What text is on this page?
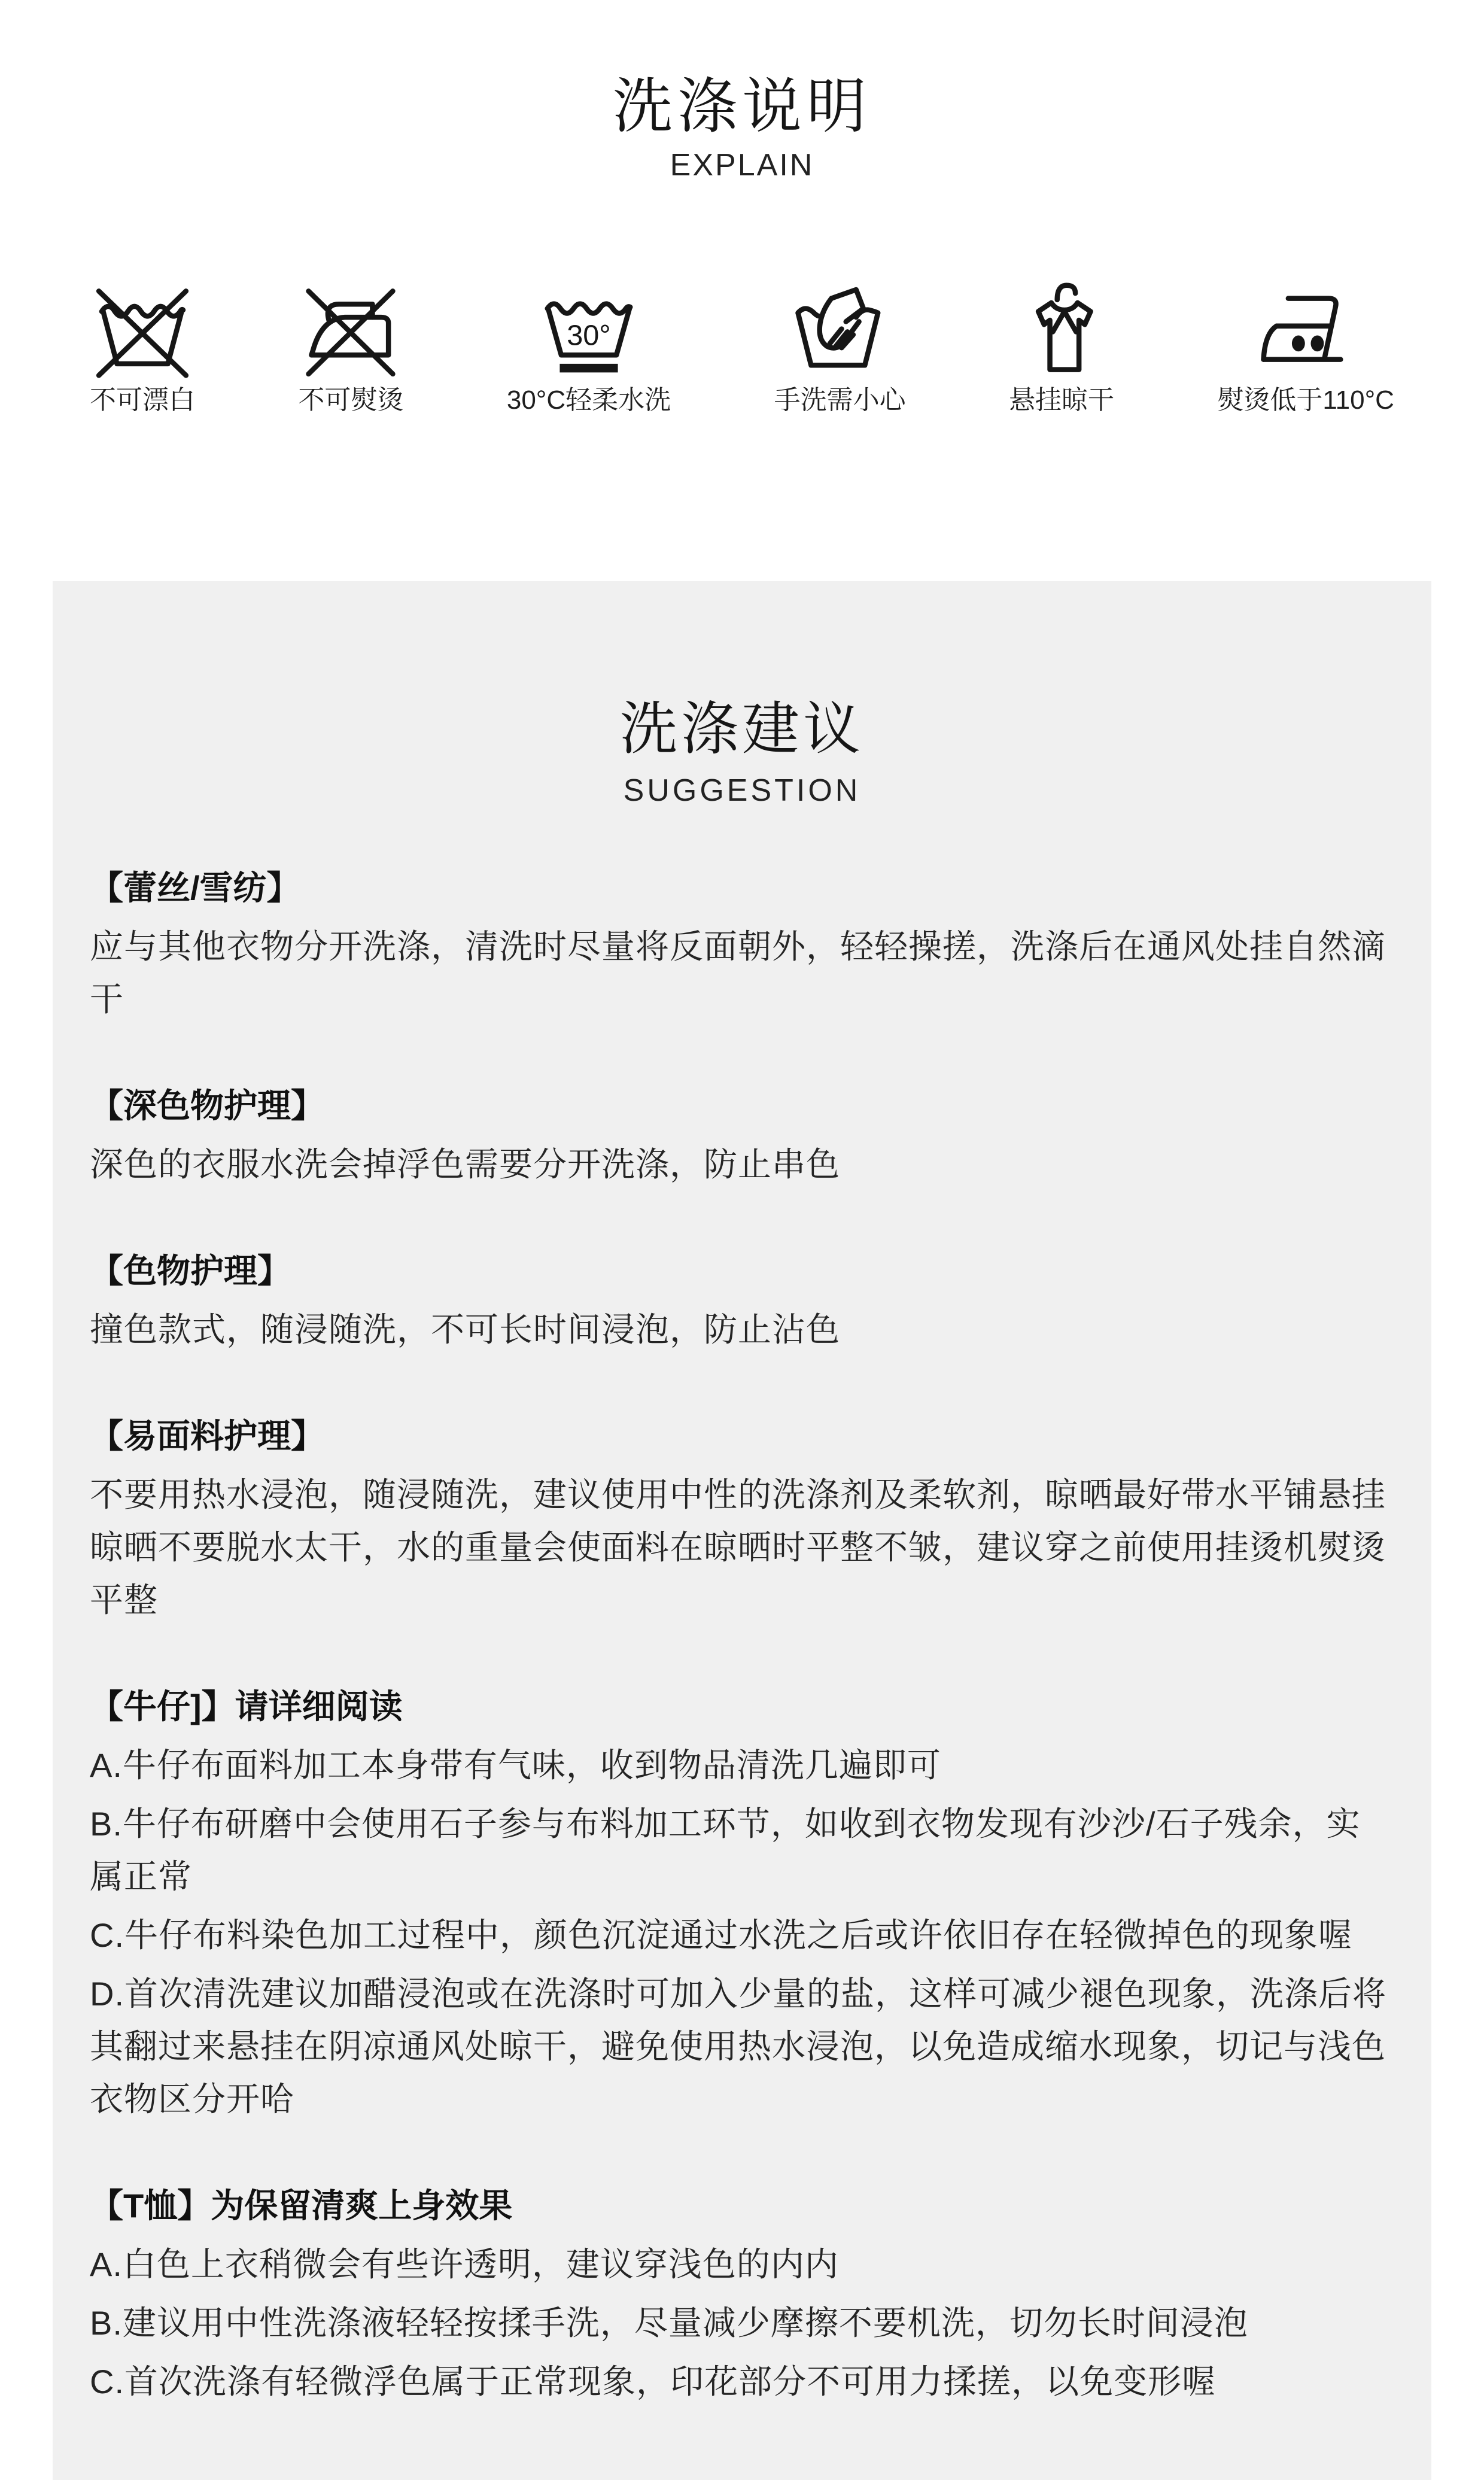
洗涤说明
EXPLAIN
不可漂白	不可熨烫
30°
30°C轻柔水洗	手洗需小心	悬挂晾干	熨烫低于110°C
洗涤建议
SUGGESTION
【蕾丝/雪纺】

应与其他衣物分开洗涤，清洗时尽量将反面朝外，轻轻操搓，洗涤后在通风处挂自然滴干

【深色物护理】

深色的衣服水洗会掉浮色需要分开洗涤，防止串色

【色物护理】

撞色款式，随浸随洗，不可长时间浸泡，防止沾色

【易面料护理】

不要用热水浸泡，随浸随洗，建议使用中性的洗涤剂及柔软剂，晾晒最好带水平铺悬挂晾晒不要脱水太干，水的重量会使面料在晾晒时平整不皱，建议穿之前使用挂烫机熨烫平整

【牛仔]】请详细阅读

A.牛仔布面料加工本身带有气味，收到物品清洗几遍即可

B.牛仔布研磨中会使用石子参与布料加工环节，如收到衣物发现有沙沙/石子残余，实属正常

C.牛仔布料染色加工过程中，颜色沉淀通过水洗之后或许依旧存在轻微掉色的现象喔

D.首次清洗建议加醋浸泡或在洗涤时可加入少量的盐，这样可减少褪色现象，洗涤后将其翻过来悬挂在阴凉通风处晾干，避免使用热水浸泡，以免造成缩水现象，切记与浅色衣物区分开哈

【T恤】为保留清爽上身效果

A.白色上衣稍微会有些许透明，建议穿浅色的内内

B.建议用中性洗涤液轻轻按揉手洗，尽量减少摩擦不要机洗，切勿长时间浸泡

C.首次洗涤有轻微浮色属于正常现象，印花部分不可用力揉搓，以免变形喔
